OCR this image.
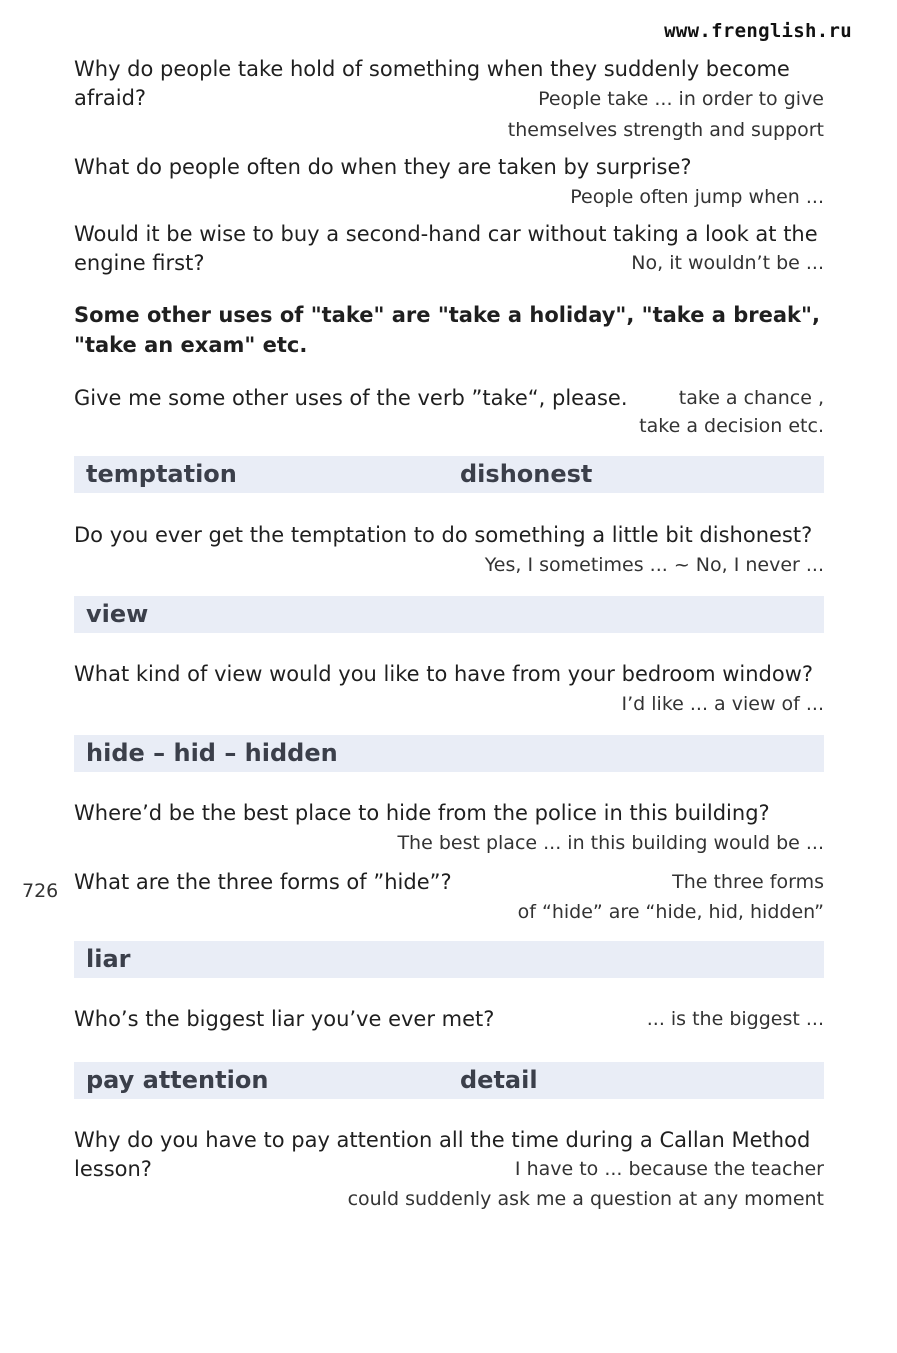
www.frenglish.ru
726
Why do people take hold of something when they suddenly become afraid?	People take ... in order to give
themselves strength and support
What do people often do when they are taken by surprise?
People often jump when ...
Would it be wise to buy a second-hand car without taking a look at the
engine first?	No, it wouldn’t be ...
Some other uses of "take" are "take a holiday", "take a break", "take an exam" etc.
Give me some other uses of the verb ”take“, please.	take a chance ,
take a decision etc.
temptation	dishonest
Do you ever get the temptation to do something a little bit dishonest?
Yes, I sometimes ... ~ No, I never ...
view
What kind of view would you like to have from your bedroom window?
I’d like ... a view of ...
hide – hid – hidden
Where’d be the best place to hide from the police in this building?
The best place ... in this building would be ...
What are the three forms of ”hide”?	The three forms
of “hide” are “hide, hid, hidden”
liar
Who’s the biggest liar you’ve ever met?	... is the biggest ...
pay attention	detail
Why do you have to pay attention all the time during a Callan Method
lesson?	I have to ... because the teacher
could suddenly ask me a question at any moment
